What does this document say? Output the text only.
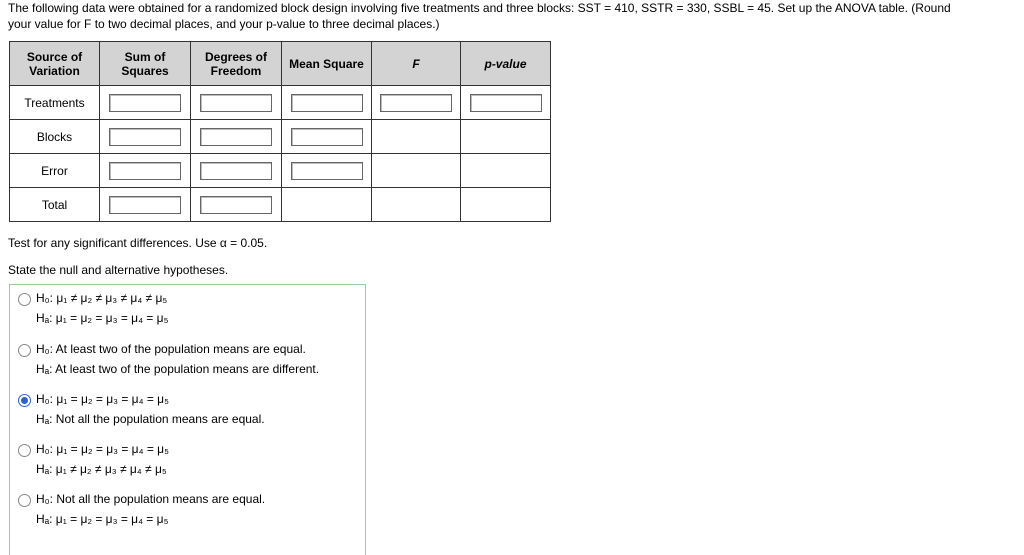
The following data were obtained for a randomized block design involving five treatments and three blocks: SST = 410, SSTR = 330, SSBL = 45. Set up the ANOVA table. (Round
your value for F to two decimal places, and your p-value to three decimal places.)
Source of Variation	Sum of Squares	Degrees of Freedom	Mean Square	F	p-value
Treatments					
Blocks					
Error					
Total					
Test for any significant differences. Use α = 0.05.
State the null and alternative hypotheses.
H₀: μ₁ ≠ μ₂ ≠ μ₃ ≠ μ₄ ≠ μ₅
Hₐ: μ₁ = μ₂ = μ₃ = μ₄ = μ₅
H₀: At least two of the population means are equal.
Hₐ: At least two of the population means are different.
H₀: μ₁ = μ₂ = μ₃ = μ₄ = μ₅
Hₐ: Not all the population means are equal.
H₀: μ₁ = μ₂ = μ₃ = μ₄ = μ₅
Hₐ: μ₁ ≠ μ₂ ≠ μ₃ ≠ μ₄ ≠ μ₅
H₀: Not all the population means are equal.
Hₐ: μ₁ = μ₂ = μ₃ = μ₄ = μ₅
